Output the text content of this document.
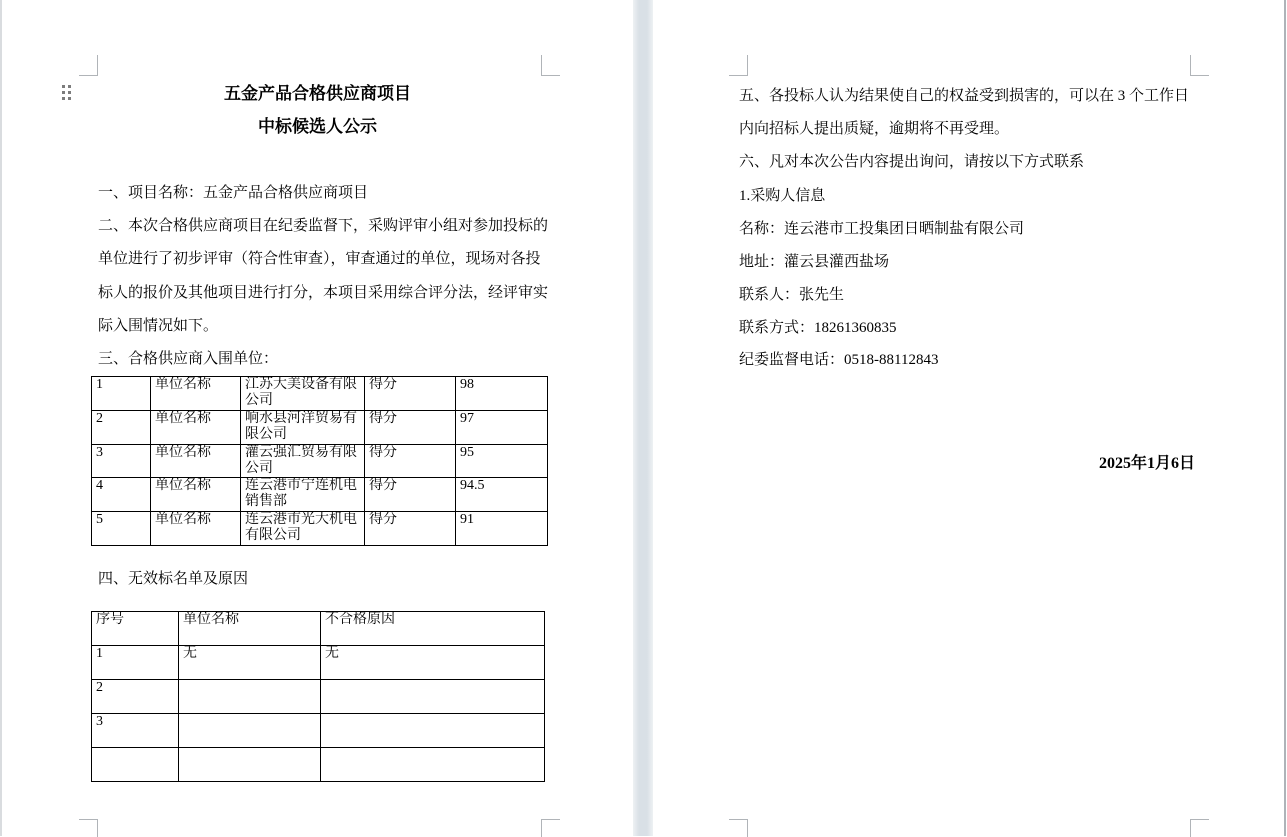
五金产品合格供应商项目
中标候选人公示
一、项目名称：五金产品合格供应商项目
二、本次合格供应商项目在纪委监督下，采购评审小组对参加投标的
单位进行了初步评审（符合性审查），审查通过的单位，现场对各投
标人的报价及其他项目进行打分，本项目采用综合评分法，经评审实
际入围情况如下。
三、合格供应商入围单位：
1	单位名称	江苏大美设备有限公司	得分	98
2	单位名称	响水县河洋贸易有限公司	得分	97
3	单位名称	灌云强汇贸易有限公司	得分	95
4	单位名称	连云港市宁连机电销售部	得分	94.5
5	单位名称	连云港市光大机电有限公司	得分	91
四、无效标名单及原因
序号	单位名称	不合格原因
1	无	无
2		
3		

五、各投标人认为结果使自己的权益受到损害的，可以在 3 个工作日
内向招标人提出质疑，逾期将不再受理。
六、凡对本次公告内容提出询问，请按以下方式联系
1.采购人信息
名称：连云港市工投集团日晒制盐有限公司
地址：灌云县灌西盐场
联系人：张先生
联系方式：18261360835
纪委监督电话：0518-88112843
2025年1月6日
